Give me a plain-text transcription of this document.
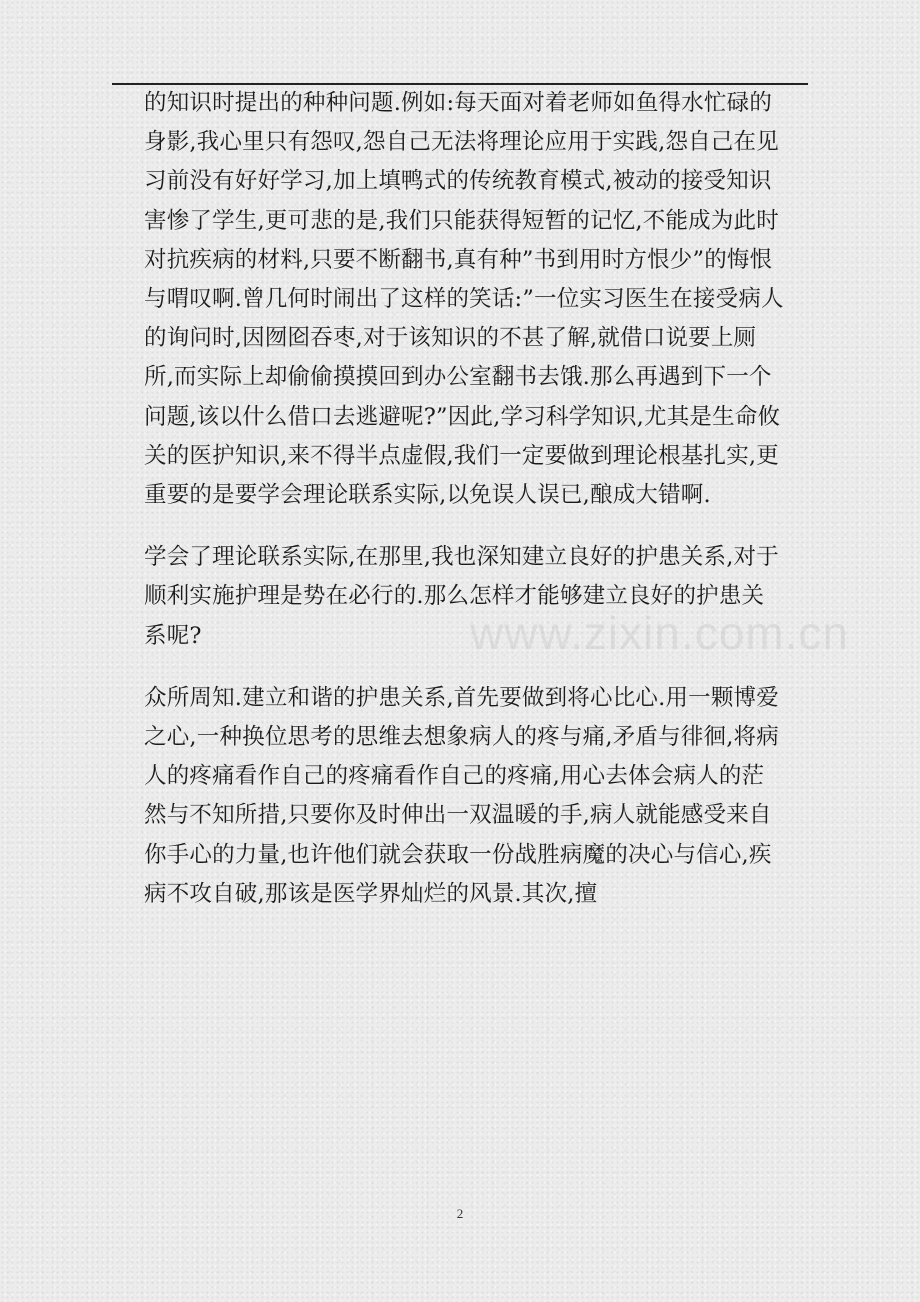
的知识时提出的种种问题.例如:每天面对着老师如鱼得水忙碌的身影,我心里只有怨叹,怨自己无法将理论应用于实践,怨自己在见习前没有好好学习,加上填鸭式的传统教育模式,被动的接受知识害惨了学生,更可悲的是,我们只能获得短暂的记忆,不能成为此时对抗疾病的材料,只要不断翻书,真有种”书到用时方恨少”的悔恨与喟叹啊.曾几何时闹出了这样的笑话:”一位实习医生在接受病人的询问时,因囫囵吞枣,对于该知识的不甚了解,就借口说要上厕所,而实际上却偷偷摸摸回到办公室翻书去饿.那么再遇到下一个问题,该以什么借口去逃避呢?”因此,学习科学知识,尤其是生命攸关的医护知识,来不得半点虚假,我们一定要做到理论根基扎实,更重要的是要学会理论联系实际,以免误人误已,酿成大错啊.

学会了理论联系实际,在那里,我也深知建立良好的护患关系,对于顺利实施护理是势在必行的.那么怎样才能够建立良好的护患关系呢?

众所周知.建立和谐的护患关系,首先要做到将心比心.用一颗博爱之心,一种换位思考的思维去想象病人的疼与痛,矛盾与徘徊,将病人的疼痛看作自己的疼痛看作自己的疼痛,用心去体会病人的茫然与不知所措,只要你及时伸出一双温暖的手,病人就能感受来自你手心的力量,也许他们就会获取一份战胜病魔的决心与信心,疾病不攻自破,那该是医学界灿烂的风景.其次,擅

www.zixin.com.cn
2
